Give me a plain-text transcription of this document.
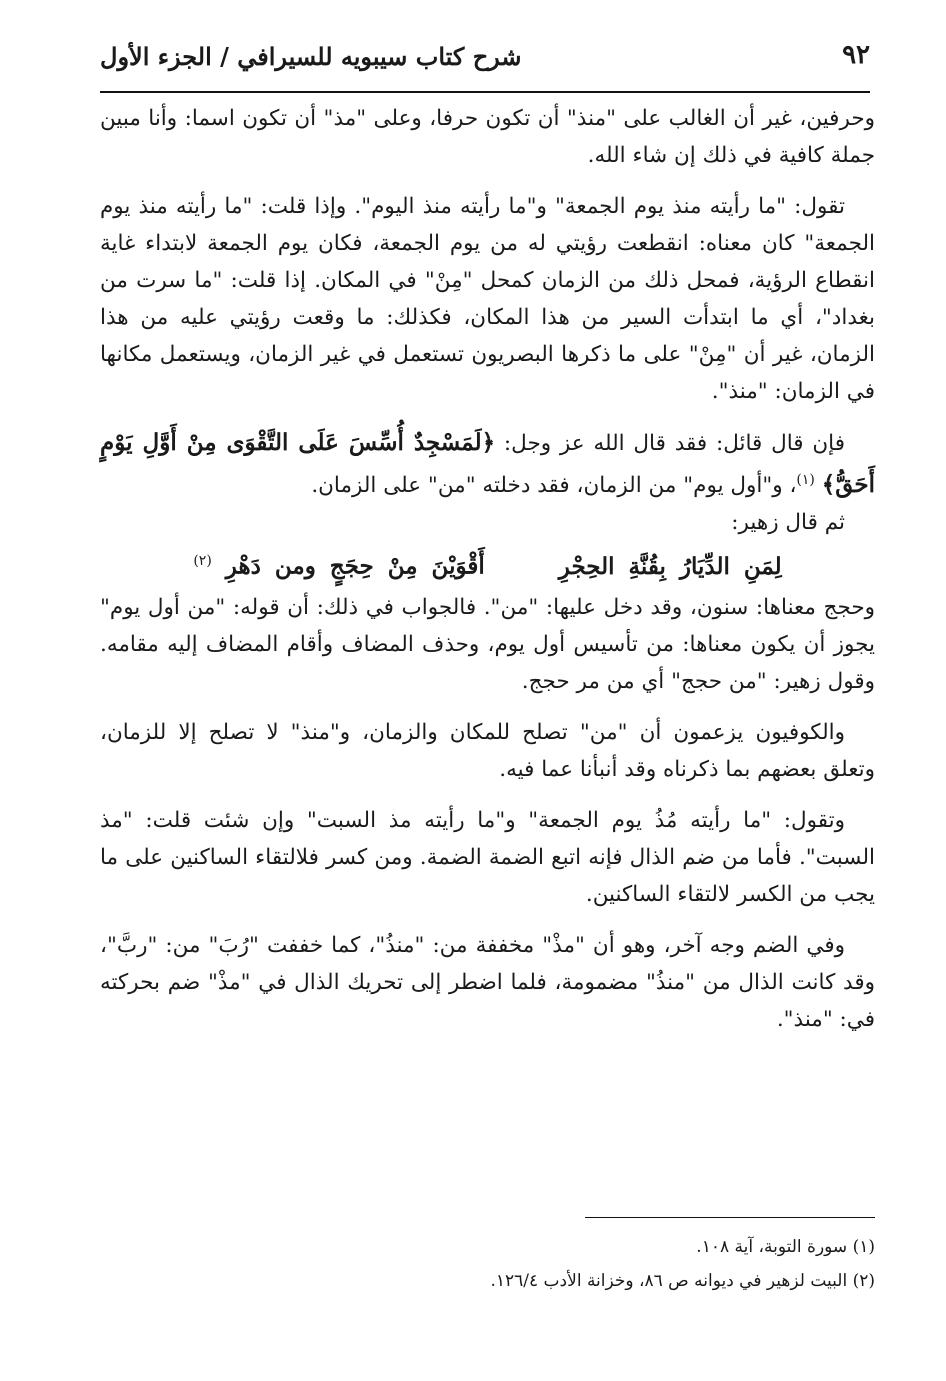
٩٢
شرح كتاب سيبويه للسيرافي / الجزء الأول

وحرفين، غير أن الغالب على "منذ" أن تكون حرفا، وعلى "مذ" أن تكون اسما: وأنا مبين جملة كافية في ذلك إن شاء الله.

تقول: "ما رأيته منذ يوم الجمعة" و"ما رأيته منذ اليوم". وإذا قلت: "ما رأيته منذ يوم الجمعة" كان معناه: انقطعت رؤيتي له من يوم الجمعة، فكان يوم الجمعة لابتداء غاية انقطاع الرؤية، فمحل ذلك من الزمان كمحل "مِنْ" في المكان. إذا قلت: "ما سرت من بغداد"، أي ما ابتدأت السير من هذا المكان، فكذلك: ما وقعت رؤيتي عليه من هذا الزمان، غير أن "مِنْ" على ما ذكرها البصريون تستعمل في غير الزمان، ويستعمل مكانها في الزمان: "منذ".

فإن قال قائل: فقد قال الله عز وجل: ﴿لَمَسْجِدٌ أُسِّسَ عَلَى التَّقْوَى مِنْ أَوَّلِ يَوْمٍ أَحَقُّ﴾ $^{(١)}$، و"أول يوم" من الزمان، فقد دخلته "من" على الزمان.

ثم قال زهير:

لِمَنِ الدِّيَارُ بِقُنَّةِ الحِجْرِ أَقْوَيْنَ مِنْ حِجَجٍ ومن دَهْرِ $^{(٢)}$

وحجج معناها: سنون، وقد دخل عليها: "من". فالجواب في ذلك: أن قوله: "من أول يوم" يجوز أن يكون معناها: من تأسيس أول يوم، وحذف المضاف وأقام المضاف إليه مقامه. وقول زهير: "من حجج" أي من مر حجج.

والكوفيون يزعمون أن "من" تصلح للمكان والزمان، و"منذ" لا تصلح إلا للزمان، وتعلق بعضهم بما ذكرناه وقد أنبأنا عما فيه.

وتقول: "ما رأيته مُذُ يوم الجمعة" و"ما رأيته مذ السبت" وإن شئت قلت: "مذ السبت". فأما من ضم الذال فإنه اتبع الضمة الضمة. ومن كسر فلالتقاء الساكنين على ما يجب من الكسر لالتقاء الساكنين.

وفي الضم وجه آخر، وهو أن "مذْ" مخففة من: "منذُ"، كما خففت "رُبَ" من: "ربَّ"، وقد كانت الذال من "منذُ" مضمومة، فلما اضطر إلى تحريك الذال في "مذْ" ضم بحركته في: "منذ".

(١) سورة التوبة، آية ١٠٨.

(٢) البيت لزهير في ديوانه ص ٨٦، وخزانة الأدب ١٢٦/٤.
